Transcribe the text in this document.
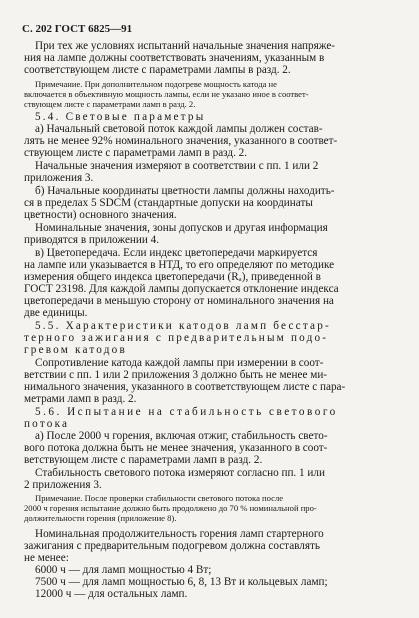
С. 202 ГОСТ 6825—91
При тех же условиях испытаний начальные значения напряже-
ния на лампе должны соответствовать значениям, указанным в
соответствующем листе с параметрами лампы в разд. 2.
Примечание. При дополнительном подогреве мощность катода не
включается в объективную мощность лампы, если не указано иное в соответ-
ствующем листе с параметрами ламп в разд. 2.
5.4. Световые параметры
а) Начальный световой поток каждой лампы должен состав-
лять не менее 92% номинального значения, указанного в соответ-
ствующем листе с параметрами ламп в разд. 2.
Начальные значения измеряют в соответствии с пп. 1 или 2
приложения 3.
б) Начальные координаты цветности лампы должны находить-
ся в пределах 5 SDCM (стандартные допуски на координаты
цветности) основного значения.
Номинальные значения, зоны допусков и другая информация
приводятся в приложении 4.
в) Цветопередача. Если индекс цветопередачи маркируется
на лампе или указывается в НТД, то его определяют по методике
измерения общего индекса цветопередачи (Rₐ), приведенной в
ГОСТ 23198. Для каждой лампы допускается отклонение индекса
цветопередачи в меньшую сторону от номинального значения на
две единицы.
5.5. Характеристики катодов ламп бесстар-
терного зажигания с предварительным подо-
гревом катодов
Сопротивление катода каждой лампы при измерении в соот-
ветствии с пп. 1 или 2 приложения 3 должно быть не менее ми-
нимального значения, указанного в соответствующем листе с пара-
метрами ламп в разд. 2.
5.6. Испытание на стабильность светового
потока
а) После 2000 ч горения, включая отжиг, стабильность свето-
вого потока должна быть не менее значения, указанного в соот-
ветствующем листе с параметрами ламп в разд. 2.
Стабильность светового потока измеряют согласно пп. 1 или
2 приложения 3.
Примечание. После проверки стабильности светового потока после
2000 ч горения испытание должно быть продолжено до 70 % номинальной про-
должительности горения (приложение 8).
Номинальная продолжительность горения ламп стартерного
зажигания с предварительным подогревом должна составлять
не менее:
6000 ч — для ламп мощностью 4 Вт;
7500 ч — для ламп мощностью 6, 8, 13 Вт и кольцевых ламп;
12000 ч — для остальных ламп.
